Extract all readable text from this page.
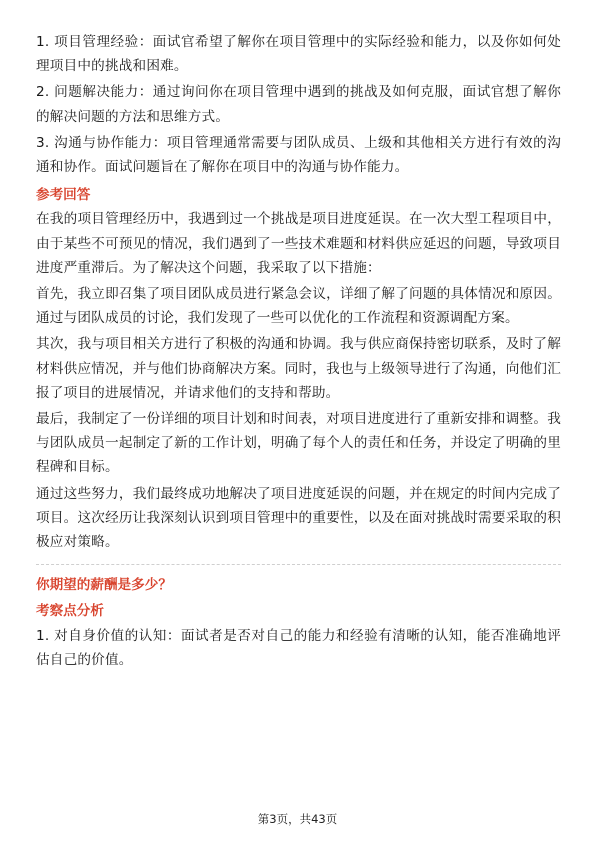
1. 项目管理经验：面试官希望了解你在项目管理中的实际经验和能力，以及你如何处理项目中的挑战和困难。

2. 问题解决能力：通过询问你在项目管理中遇到的挑战及如何克服，面试官想了解你的解决问题的方法和思维方式。

3. 沟通与协作能力：项目管理通常需要与团队成员、上级和其他相关方进行有效的沟通和协作。面试问题旨在了解你在项目中的沟通与协作能力。

参考回答

在我的项目管理经历中，我遇到过一个挑战是项目进度延误。在一次大型工程项目中，由于某些不可预见的情况，我们遇到了一些技术难题和材料供应延迟的问题，导致项目进度严重滞后。为了解决这个问题，我采取了以下措施：

首先，我立即召集了项目团队成员进行紧急会议，详细了解了问题的具体情况和原因。通过与团队成员的讨论，我们发现了一些可以优化的工作流程和资源调配方案。

其次，我与项目相关方进行了积极的沟通和协调。我与供应商保持密切联系，及时了解材料供应情况，并与他们协商解决方案。同时，我也与上级领导进行了沟通，向他们汇报了项目的进展情况，并请求他们的支持和帮助。

最后，我制定了一份详细的项目计划和时间表，对项目进度进行了重新安排和调整。我与团队成员一起制定了新的工作计划，明确了每个人的责任和任务，并设定了明确的里程碑和目标。

通过这些努力，我们最终成功地解决了项目进度延误的问题，并在规定的时间内完成了项目。这次经历让我深刻认识到项目管理中的重要性，以及在面对挑战时需要采取的积极应对策略。

你期望的薪酬是多少？
考察点分析

1. 对自身价值的认知：面试者是否对自己的能力和经验有清晰的认知，能否准确地评估自己的价值。

第3页，共43页
